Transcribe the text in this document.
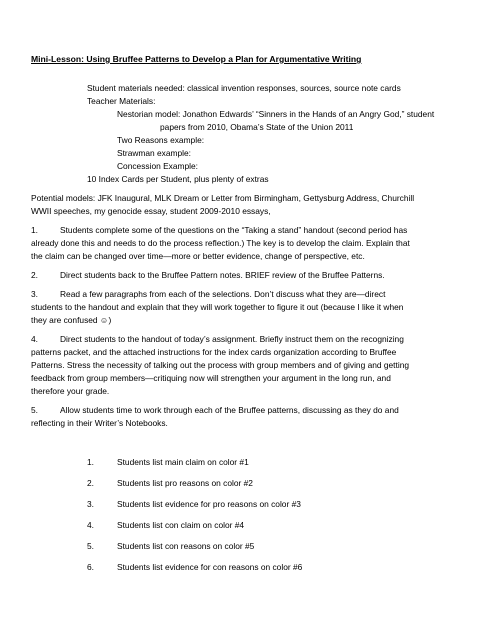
Mini-Lesson: Using Bruffee Patterns to Develop a Plan for Argumentative Writing
Student materials needed: classical invention responses, sources, source note cards
Teacher Materials:
Nestorian model: Jonathon Edwards’ “Sinners in the Hands of an Angry God,” student
papers from 2010, Obama’s State of the Union 2011
Two Reasons example:
Strawman example:
Concession Example:
10 Index Cards per Student, plus plenty of extras
Potential models: JFK Inaugural, MLK Dream or Letter from Birmingham, Gettysburg Address, Churchill
WWII speeches, my genocide essay, student 2009-2010 essays,
1.	Students complete some of the questions on the “Taking a stand” handout (second period has
already done this and needs to do the process reflection.) The key is to develop the claim. Explain that
the claim can be changed over time—more or better evidence, change of perspective, etc.
2.	Direct students back to the Bruffee Pattern notes. BRIEF review of the Bruffee Patterns.
3.	Read a few paragraphs from each of the selections. Don’t discuss what they are—direct
students to the handout and explain that they will work together to figure it out (because I like it when
they are confused ☺)
4.	Direct students to the handout of today’s assignment. Briefly instruct them on the recognizing
patterns packet, and the attached instructions for the index cards organization according to Bruffee
Patterns. Stress the necessity of talking out the process with group members and of giving and getting
feedback from group members—critiquing now will strengthen your argument in the long run, and
therefore your grade.
5.	Allow students time to work through each of the Bruffee patterns, discussing as they do and
reflecting in their Writer’s Notebooks.
1.	Students list main claim on color #1
2.	Students list pro reasons on color #2
3.	Students list evidence for pro reasons on color #3
4.	Students list con claim on color #4
5.	Students list con reasons on color #5
6.	Students list evidence for con reasons on color #6
